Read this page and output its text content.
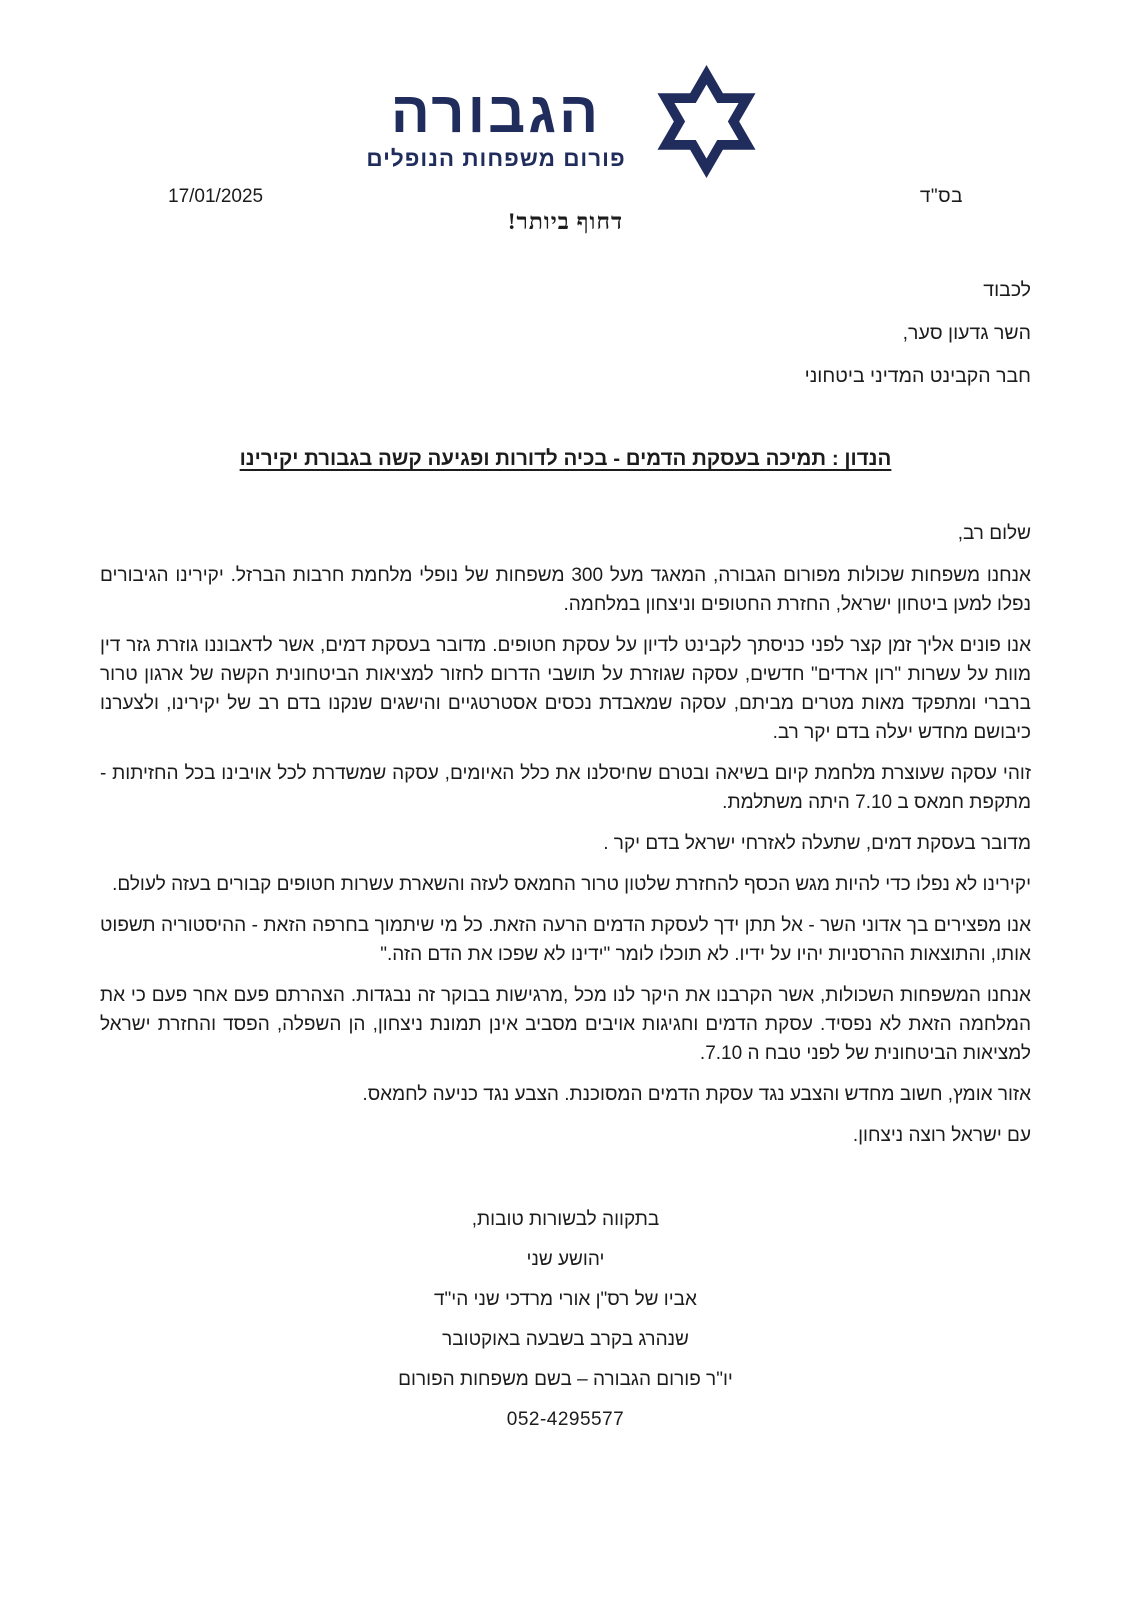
הגבורה
פורום משפחות הנופלים
17/01/2025	בס"ד
דחוף ביותר!
לכבוד
השר גדעון סער,
חבר הקבינט המדיני ביטחוני
הנדון : תמיכה בעסקת הדמים - בכיה לדורות ופגיעה קשה בגבורת יקירינו
שלום רב,

אנחנו משפחות שכולות מפורום הגבורה, המאגד מעל 300 משפחות של נופלי מלחמת חרבות הברזל. יקירינו הגיבורים נפלו למען ביטחון ישראל, החזרת החטופים וניצחון במלחמה.

אנו פונים אליך זמן קצר לפני כניסתך לקבינט לדיון על עסקת חטופים. מדובר בעסקת דמים, אשר לדאבוננו גוזרת גזר דין מוות על עשרות "רון ארדים" חדשים, עסקה שגוזרת על תושבי הדרום לחזור למציאות הביטחונית הקשה של ארגון טרור ברברי ומתפקד מאות מטרים מביתם, עסקה שמאבדת נכסים אסטרטגיים והישגים שנקנו בדם רב של יקירינו, ולצערנו כיבושם מחדש יעלה בדם יקר רב.

זוהי עסקה שעוצרת מלחמת קיום בשיאה ובטרם שחיסלנו את כלל האיומים, עסקה שמשדרת לכל אויבינו בכל החזיתות - מתקפת חמאס ב 7.10 היתה משתלמת.

מדובר בעסקת דמים, שתעלה לאזרחי ישראל בדם יקר .

יקירינו לא נפלו כדי להיות מגש הכסף להחזרת שלטון טרור החמאס לעזה והשארת עשרות חטופים קבורים בעזה לעולם.

אנו מפצירים בך אדוני השר - אל תתן ידך לעסקת הדמים הרעה הזאת. כל מי שיתמוך בחרפה הזאת - ההיסטוריה תשפוט אותו, והתוצאות ההרסניות יהיו על ידיו. לא תוכלו לומר "ידינו לא שפכו את הדם הזה."

אנחנו המשפחות השכולות, אשר הקרבנו את היקר לנו מכל ,מרגישות בבוקר זה נבגדות. הצהרתם פעם אחר פעם כי את המלחמה הזאת לא נפסיד. עסקת הדמים וחגיגות אויבים מסביב אינן תמונת ניצחון, הן השפלה, הפסד והחזרת ישראל למציאות הביטחונית של לפני טבח ה 7.10.

אזור אומץ, חשוב מחדש והצבע נגד עסקת הדמים המסוכנת. הצבע נגד כניעה לחמאס.

עם ישראל רוצה ניצחון.

בתקווה לבשורות טובות,
יהושע שני
אביו של רס"ן אורי מרדכי שני הי"ד
שנהרג בקרב בשבעה באוקטובר
יו"ר פורום הגבורה – בשם משפחות הפורום
052-4295577
